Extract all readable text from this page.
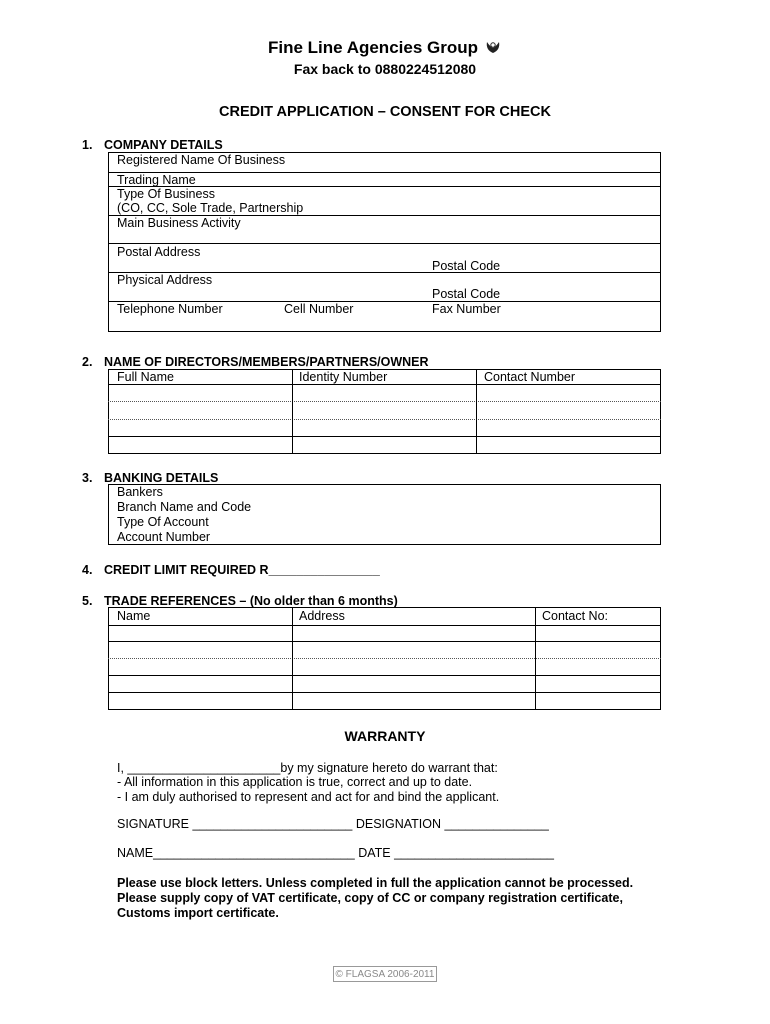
Fine Line Agencies Group
Fax back to 0880224512080
CREDIT APPLICATION – CONSENT FOR CHECK
1. COMPANY DETAILS
Registered Name Of Business
Trading Name
Type Of Business
(CO, CC, Sole Trade, Partnership
Main Business Activity
Postal Address
Postal Code
Physical Address
Postal Code
Telephone Number	Cell Number	Fax Number
2. NAME OF DIRECTORS/MEMBERS/PARTNERS/OWNER
Full Name	Identity Number	Contact Number
3. BANKING DETAILS
Bankers
Branch Name and Code
Type Of Account
Account Number
4. CREDIT LIMIT REQUIRED R________________
5. TRADE REFERENCES – (No older than 6 months)
Name	Address	Contact No:
WARRANTY
I, ______________________by my signature hereto do warrant that:
- All information in this application is true, correct and up to date.
- I am duly authorised to represent and act for and bind the applicant.
SIGNATURE _______________________ DESIGNATION _______________
NAME_____________________________ DATE _______________________
Please use block letters. Unless completed in full the application cannot be processed.
Please supply copy of VAT certificate, copy of CC or company registration certificate,
Customs import certificate.
© FLAGSA 2006-2011
